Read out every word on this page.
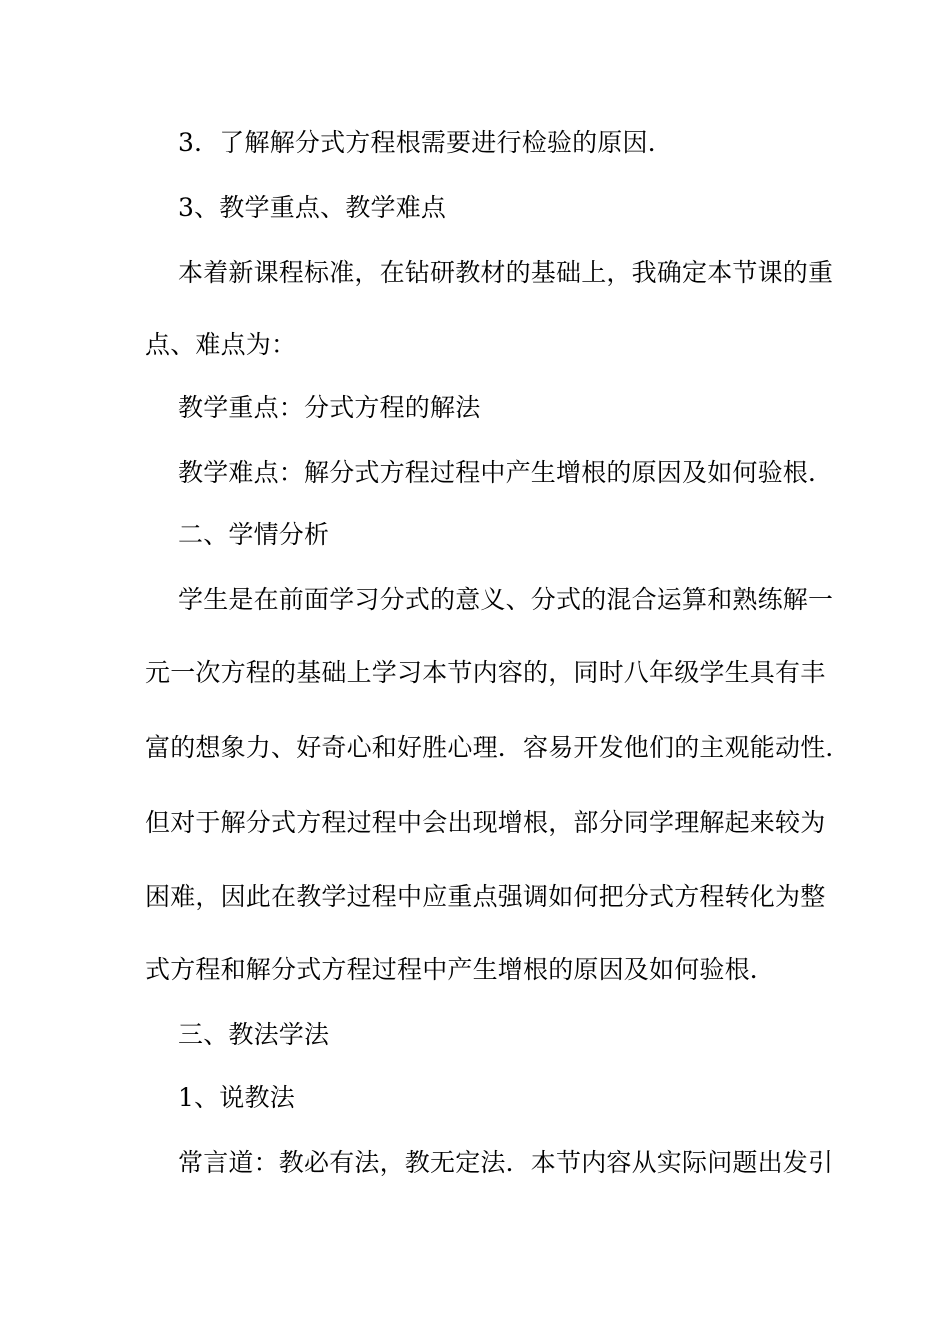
3．了解解分式方程根需要进行检验的原因．
3、教学重点、教学难点
本着新课程标准，在钻研教材的基础上，我确定本节课的重
点、难点为：
教学重点：分式方程的解法
教学难点：解分式方程过程中产生增根的原因及如何验根．
二、学情分析
学生是在前面学习分式的意义、分式的混合运算和熟练解一
元一次方程的基础上学习本节内容的，同时八年级学生具有丰
富的想象力、好奇心和好胜心理．容易开发他们的主观能动性．
但对于解分式方程过程中会出现增根，部分同学理解起来较为
困难，因此在教学过程中应重点强调如何把分式方程转化为整
式方程和解分式方程过程中产生增根的原因及如何验根．
三、教法学法
1、说教法
常言道：教必有法，教无定法．本节内容从实际问题出发引
